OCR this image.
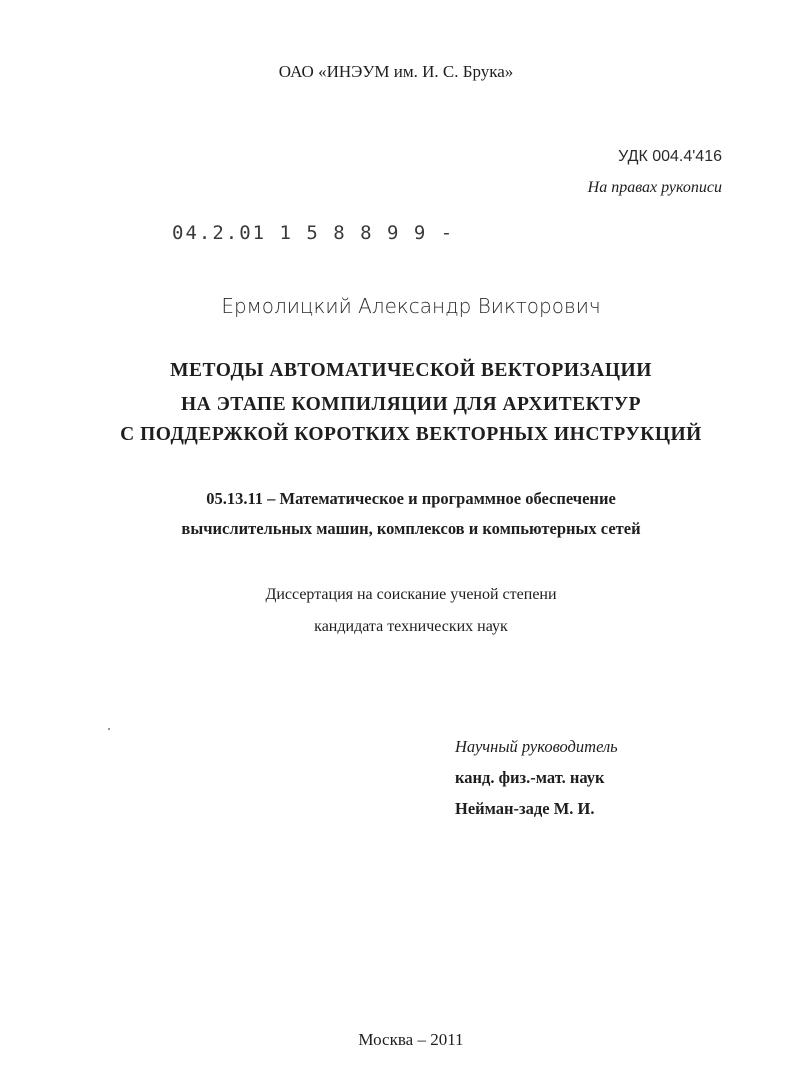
ОАО «ИНЭУМ им. И. С. Брука»
УДК 004.4'416
На правах рукописи
04.2.01 1 5 8 8 9 9 -
Ермолицкий Александр Викторович
МЕТОДЫ АВТОМАТИЧЕСКОЙ ВЕКТОРИЗАЦИИ
НА ЭТАПЕ КОМПИЛЯЦИИ ДЛЯ АРХИТЕКТУР
С ПОДДЕРЖКОЙ КОРОТКИХ ВЕКТОРНЫХ ИНСТРУКЦИЙ
05.13.11 – Математическое и программное обеспечение
вычислительных машин, комплексов и компьютерных сетей
Диссертация на соискание ученой степени
кандидата технических наук
Научный руководитель
канд. физ.-мат. наук
Нейман-заде М. И.
Москва – 2011
